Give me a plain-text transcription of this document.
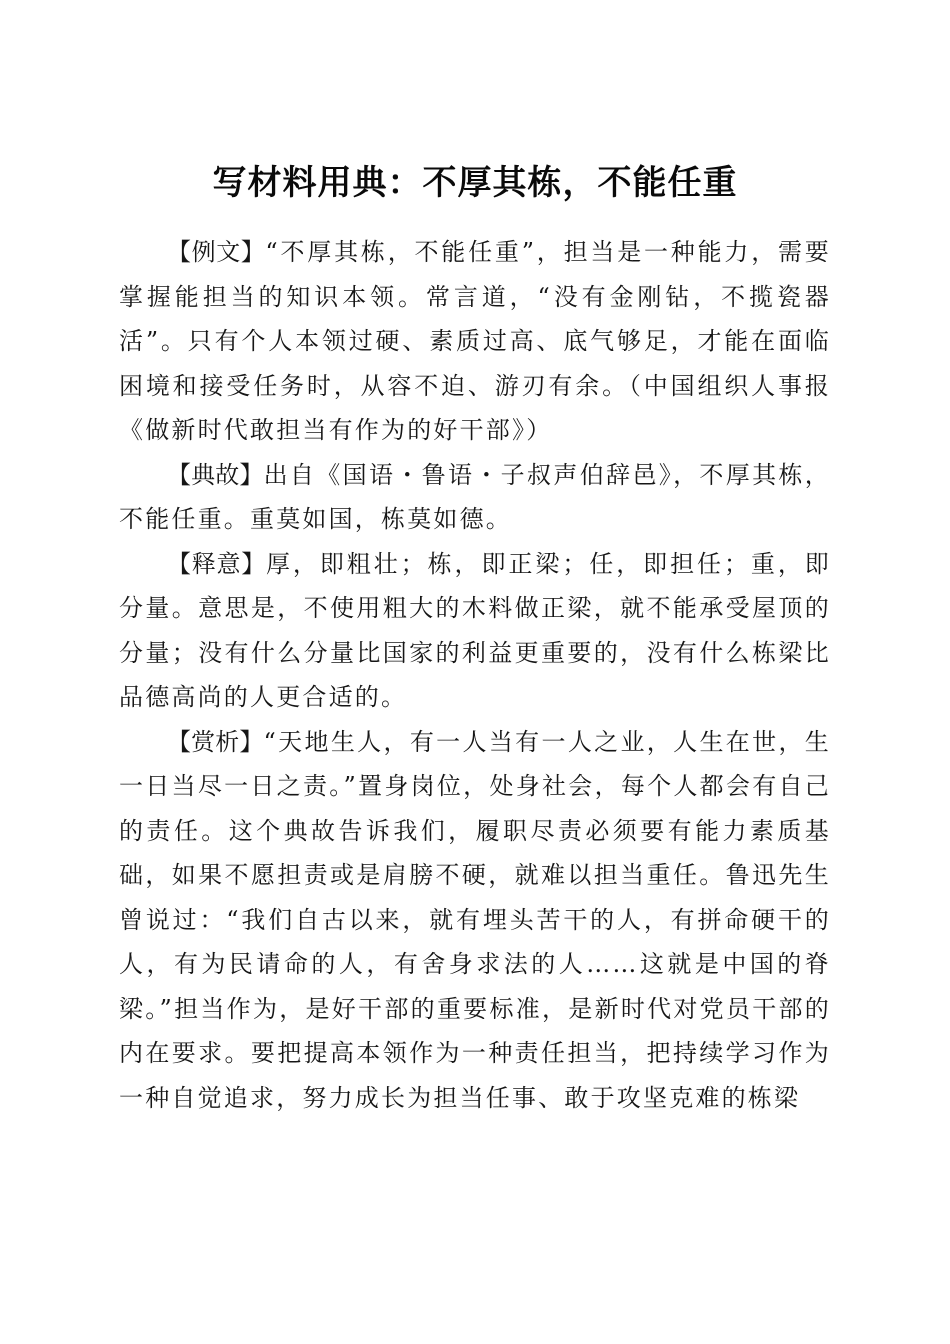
写材料用典：不厚其栋，不能任重

【例文】“不厚其栋，不能任重”，担当是一种能力，需要掌握能担当的知识本领。常言道，“没有金刚钻，不揽瓷器活”。只有个人本领过硬、素质过高、底气够足，才能在面临困境和接受任务时，从容不迫、游刃有余。（中国组织人事报《做新时代敢担当有作为的好干部》）

【典故】出自《国语・鲁语・子叔声伯辞邑》，不厚其栋，不能任重。重莫如国，栋莫如德。

【释意】厚，即粗壮；栋，即正梁；任，即担任；重，即分量。意思是，不使用粗大的木料做正梁，就不能承受屋顶的分量；没有什么分量比国家的利益更重要的，没有什么栋梁比品德高尚的人更合适的。

【赏析】“天地生人，有一人当有一人之业，人生在世，生一日当尽一日之责。”置身岗位，处身社会，每个人都会有自己的责任。这个典故告诉我们，履职尽责必须要有能力素质基础，如果不愿担责或是肩膀不硬，就难以担当重任。鲁迅先生曾说过：“我们自古以来，就有埋头苦干的人，有拼命硬干的人，有为民请命的人，有舍身求法的人……这就是中国的脊梁。”担当作为，是好干部的重要标准，是新时代对党员干部的内在要求。要把提高本领作为一种责任担当，把持续学习作为一种自觉追求，努力成长为担当任事、敢于攻坚克难的栋梁
